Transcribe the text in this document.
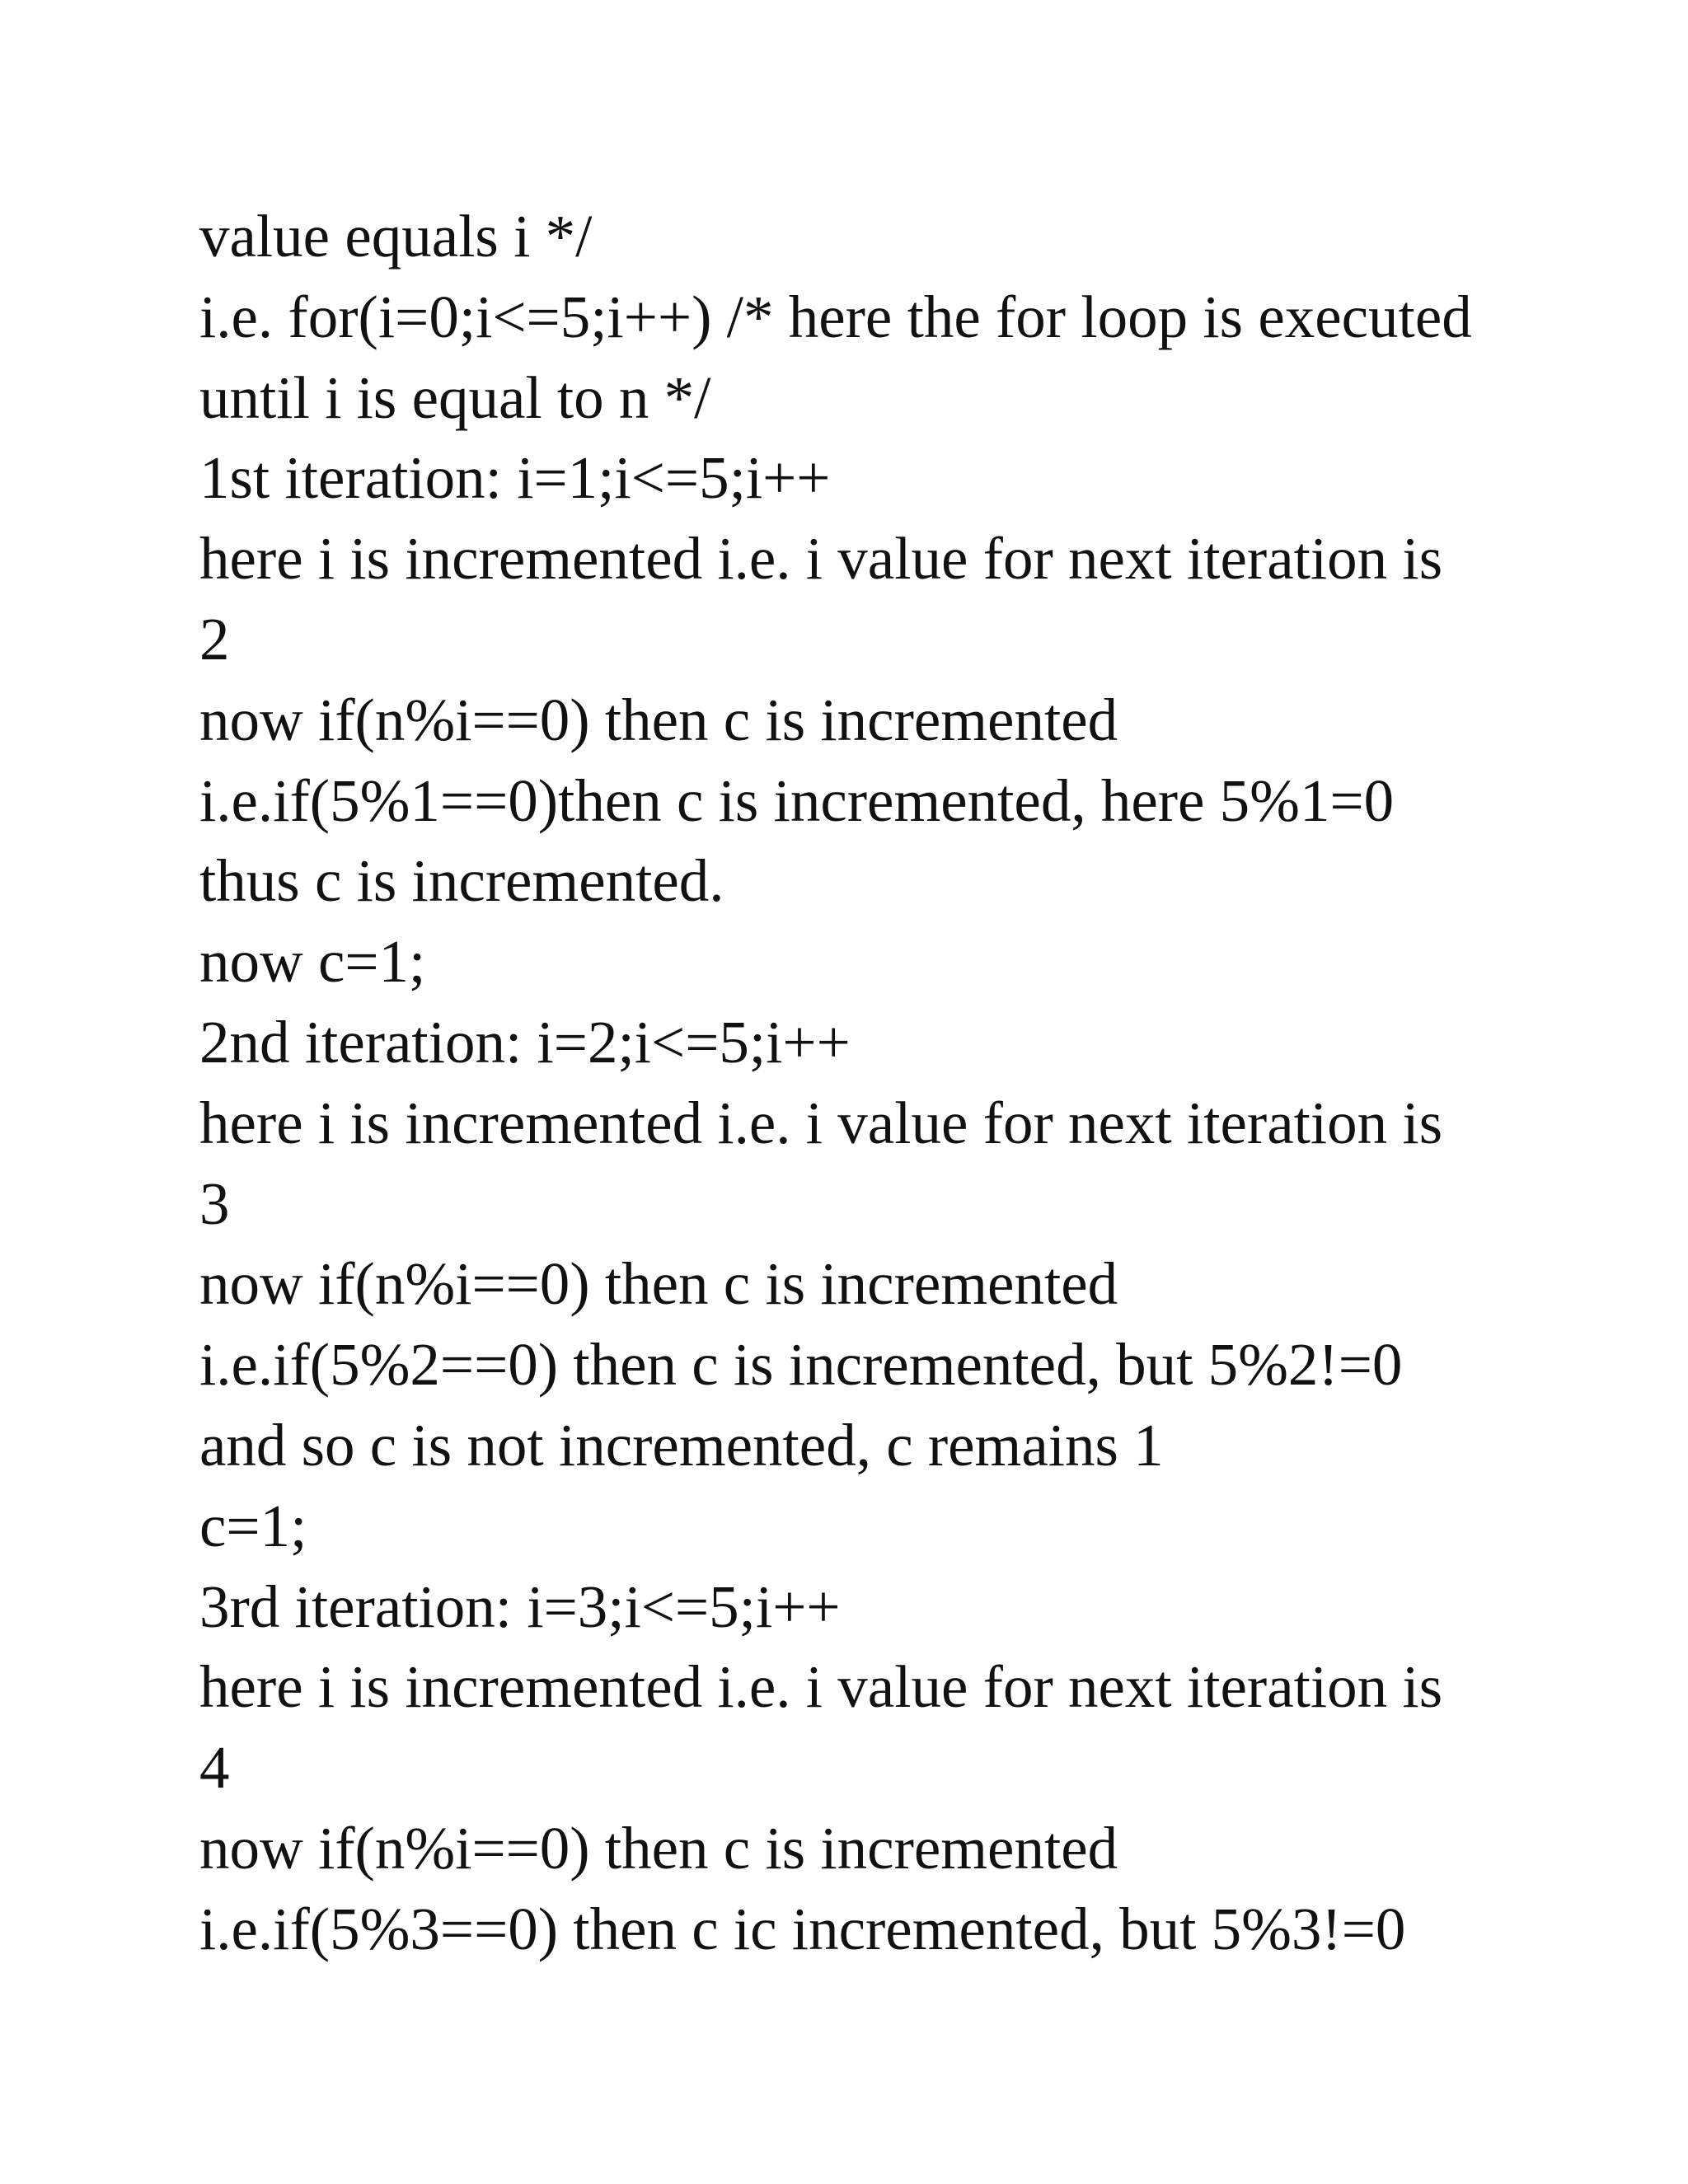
value equals i */
i.e. for(i=0;i<=5;i++) /* here the for loop is executed
until i is equal to n */
1st iteration: i=1;i<=5;i++
here i is incremented i.e. i value for next iteration is
2
now if(n%i==0) then c is incremented
i.e.if(5%1==0)then c is incremented, here 5%1=0
thus c is incremented.
now c=1;
2nd iteration: i=2;i<=5;i++
here i is incremented i.e. i value for next iteration is
3
now if(n%i==0) then c is incremented
i.e.if(5%2==0) then c is incremented, but 5%2!=0
and so c is not incremented, c remains 1
c=1;
3rd iteration: i=3;i<=5;i++
here i is incremented i.e. i value for next iteration is
4
now if(n%i==0) then c is incremented
i.e.if(5%3==0) then c ic incremented, but 5%3!=0
